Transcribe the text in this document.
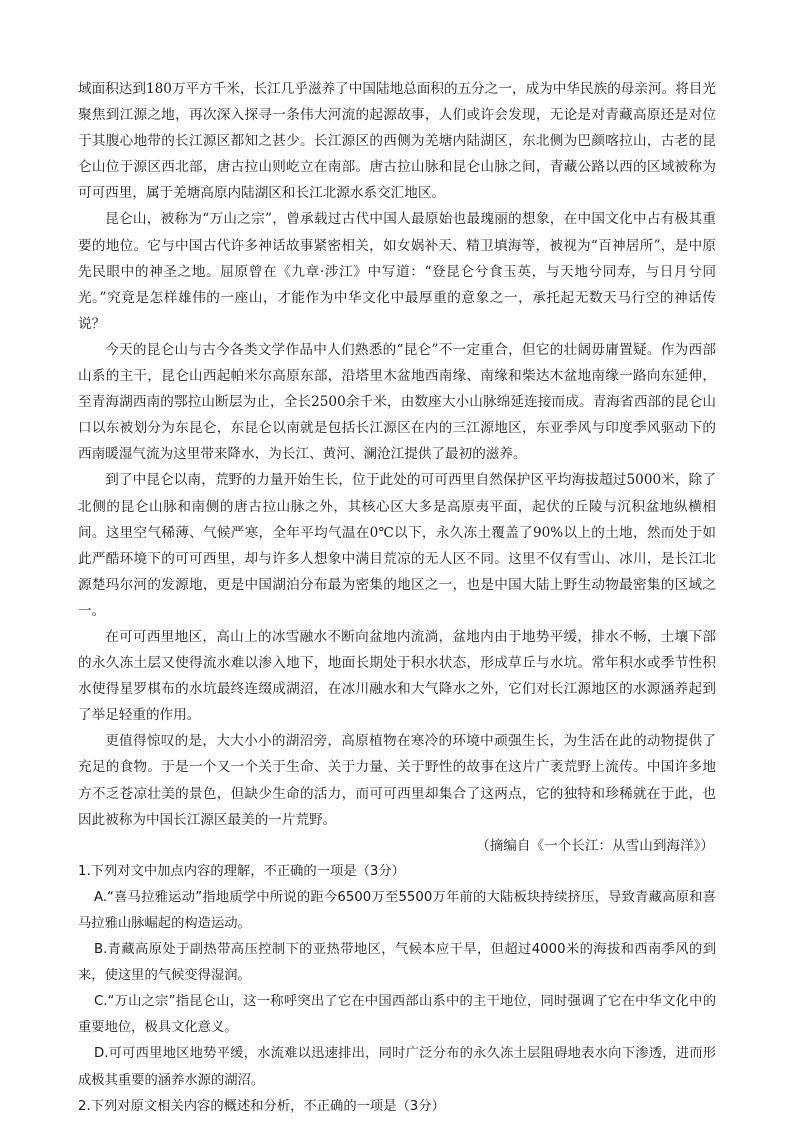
域面积达到180万平方千米，长江几乎滋养了中国陆地总面积的五分之一，成为中华民族的母亲河。将目光聚焦到江源之地，再次深入探寻一条伟大河流的起源故事，人们或许会发现，无论是对青藏高原还是对位于其腹心地带的长江源区都知之甚少。长江源区的西侧为羌塘内陆湖区，东北侧为巴颜喀拉山，古老的昆仑山位于源区西北部，唐古拉山则屹立在南部。唐古拉山脉和昆仑山脉之间，青藏公路以西的区域被称为可可西里，属于羌塘高原内陆湖区和长江北源水系交汇地区。

昆仑山，被称为“万山之宗”，曾承载过古代中国人最原始也最瑰丽的想象，在中国文化中占有极其重要的地位。它与中国古代许多神话故事紧密相关，如女娲补天、精卫填海等，被视为“百神居所”，是中原先民眼中的神圣之地。屈原曾在《九章·涉江》中写道：“登昆仑兮食玉英，与天地兮同寿，与日月兮同光。”究竟是怎样雄伟的一座山，才能作为中华文化中最厚重的意象之一，承托起无数天马行空的神话传说？

今天的昆仑山与古今各类文学作品中人们熟悉的“昆仑”不一定重合，但它的壮阔毋庸置疑。作为西部山系的主干，昆仑山西起帕米尔高原东部，沿塔里木盆地西南缘、南缘和柴达木盆地南缘一路向东延伸，至青海湖西南的鄂拉山断层为止，全长2500余千米，由数座大小山脉绵延连接而成。青海省西部的昆仑山口以东被划分为东昆仑，东昆仑以南就是包括长江源区在内的三江源地区，东亚季风与印度季风驱动下的西南暖湿气流为这里带来降水，为长江、黄河、澜沧江提供了最初的滋养。

到了中昆仑以南，荒野的力量开始生长，位于此处的可可西里自然保护区平均海拔超过5000米，除了北侧的昆仑山脉和南侧的唐古拉山脉之外，其核心区大多是高原夷平面，起伏的丘陵与沉积盆地纵横相间。这里空气稀薄、气候严寒，全年平均气温在0℃以下，永久冻土覆盖了90%以上的土地，然而处于如此严酷环境下的可可西里，却与许多人想象中满目荒凉的无人区不同。这里不仅有雪山、冰川，是长江北源楚玛尔河的发源地，更是中国湖泊分布最为密集的地区之一，也是中国大陆上野生动物最密集的区域之一。

在可可西里地区，高山上的冰雪融水不断向盆地内流淌，盆地内由于地势平缓，排水不畅，土壤下部的永久冻土层又使得流水难以渗入地下，地面长期处于积水状态，形成草丘与水坑。常年积水或季节性积水使得星罗棋布的水坑最终连缀成湖沼，在冰川融水和大气降水之外，它们对长江源地区的水源涵养起到了举足轻重的作用。

更值得惊叹的是，大大小小的湖沼旁，高原植物在寒冷的环境中顽强生长，为生活在此的动物提供了充足的食物。于是一个又一个关于生命、关于力量、关于野性的故事在这片广袤荒野上流传。中国许多地方不乏苍凉壮美的景色，但缺少生命的活力，而可可西里却集合了这两点，它的独特和珍稀就在于此，也因此被称为中国长江源区最美的一片荒野。

（摘编自《一个长江：从雪山到海洋》）

1.下列对文中加点内容的理解，不正确的一项是（3分）

A.“喜马拉雅运动”指地质学中所说的距今6500万至5500万年前的大陆板块持续挤压，导致青藏高原和喜马拉雅山脉崛起的构造运动。

B.青藏高原处于副热带高压控制下的亚热带地区，气候本应干旱，但超过4000米的海拔和西南季风的到来，使这里的气候变得湿润。

C.“万山之宗”指昆仑山，这一称呼突出了它在中国西部山系中的主干地位，同时强调了它在中华文化中的重要地位，极具文化意义。

D.可可西里地区地势平缓，水流难以迅速排出，同时广泛分布的永久冻土层阻碍地表水向下渗透，进而形成极其重要的涵养水源的湖沼。

2.下列对原文相关内容的概述和分析，不正确的一项是（3分）
